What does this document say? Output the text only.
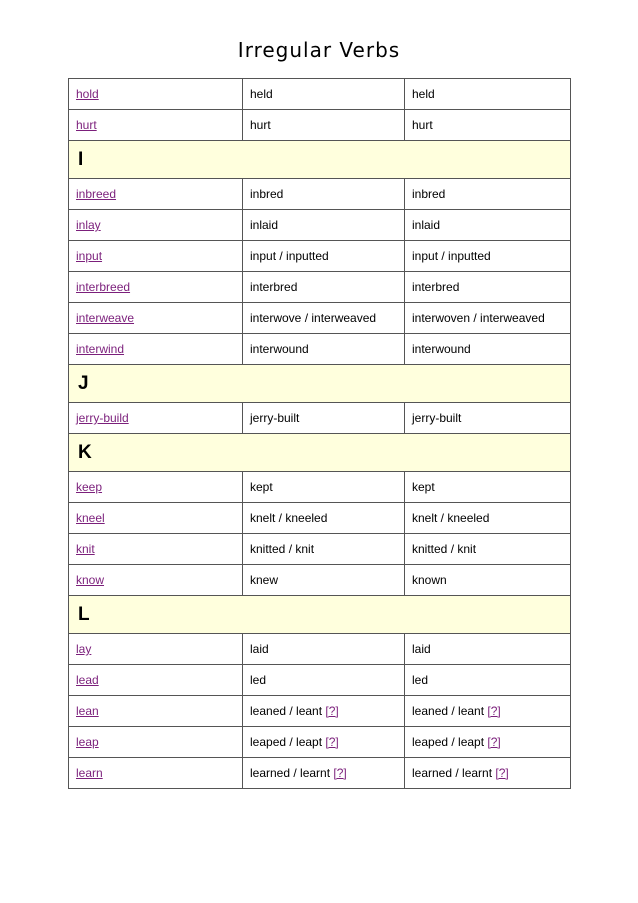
Irregular Verbs
hold	held	held
hurt	hurt	hurt
I		
inbreed	inbred	inbred
inlay	inlaid	inlaid
input	input / inputted	input / inputted
interbreed	interbred	interbred
interweave	interwove / interweaved	interwoven / interweaved
interwind	interwound	interwound
J		
jerry-build	jerry-built	jerry-built
K		
keep	kept	kept
kneel	knelt / kneeled	knelt / kneeled
knit	knitted / knit	knitted / knit
know	knew	known
L		
lay	laid	laid
lead	led	led
lean	leaned / leant [?]	leaned / leant [?]
leap	leaped / leapt [?]	leaped / leapt [?]
learn	learned / learnt [?]	learned / learnt [?]
